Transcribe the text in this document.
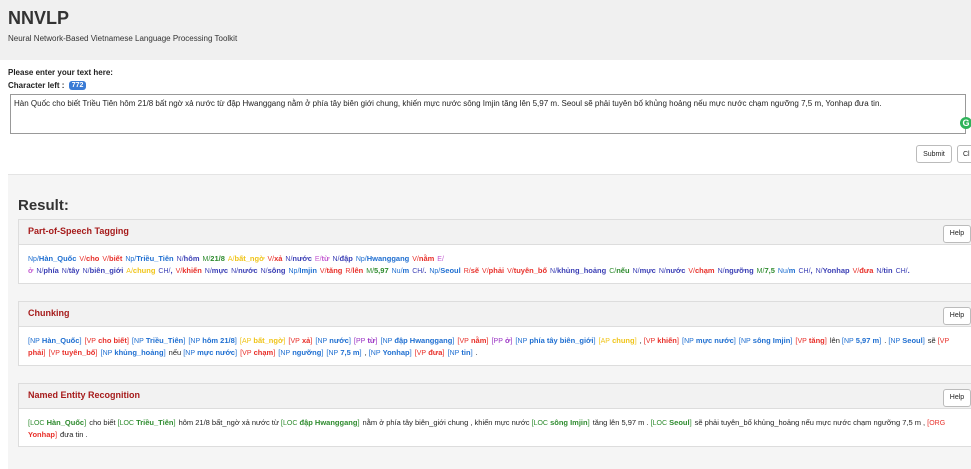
NNVLP
Neural Network-Based Vietnamese Language Processing Toolkit
Please enter your text here:
Character left : 772
Hàn Quốc cho biết Triều Tiên hôm 21/8 bất ngờ xả nước từ đập Hwanggang nằm ở phía tây biên giới chung, khiến mực nước sông Imjin tăng lên 5,97 m. Seoul sẽ phải tuyên bố khủng hoảng nếu mực nước chạm ngưỡng 7,5 m, Yonhap đưa tin.
G
Submit	Cl
Result:
Part-of-Speech Tagging	Help
Np/Hàn_Quốc V/cho V/biết Np/Triều_Tiên N/hôm M/21/8 A/bất_ngờ V/xả N/nước E/từ N/đập Np/Hwanggang V/nằm E/ở N/phía N/tây N/biên_giới A/chung CH/, V/khiến N/mực N/nước N/sông Np/Imjin V/tăng R/lên M/5,97 Nu/m CH/. Np/Seoul R/sẽ V/phải V/tuyên_bố N/khủng_hoảng C/nếu N/mực N/nước V/chạm N/ngưỡng M/7,5 Nu/m CH/, N/Yonhap V/đưa N/tin CH/.
Chunking	Help
[NP Hàn_Quốc] [VP cho biết] [NP Triều_Tiên] [NP hôm 21/8] [AP bất_ngờ] [VP xả] [NP nước] [PP từ] [NP đập Hwanggang] [VP nằm] [PP ở] [NP phía tây biên_giới] [AP chung] , [VP khiến] [NP mực nước] [NP sông Imjin] [VP tăng] lên [NP 5,97 m] . [NP Seoul] sẽ [VP phải] [VP tuyên_bố] [NP khủng_hoảng] nếu [NP mực nước] [VP chạm] [NP ngưỡng] [NP 7,5 m] , [NP Yonhap] [VP đưa] [NP tin] .
Named Entity Recognition	Help
[LOC Hàn_Quốc] cho biết [LOC Triều_Tiên] hôm 21/8 bất_ngờ xả nước từ [LOC đập Hwanggang] nằm ở phía tây biên_giới chung , khiến mực nước [LOC sông Imjin] tăng lên 5,97 m . [LOC Seoul] sẽ phải tuyên_bố khủng_hoảng nếu mực nước chạm ngưỡng 7,5 m , [ORG Yonhap] đưa tin .
